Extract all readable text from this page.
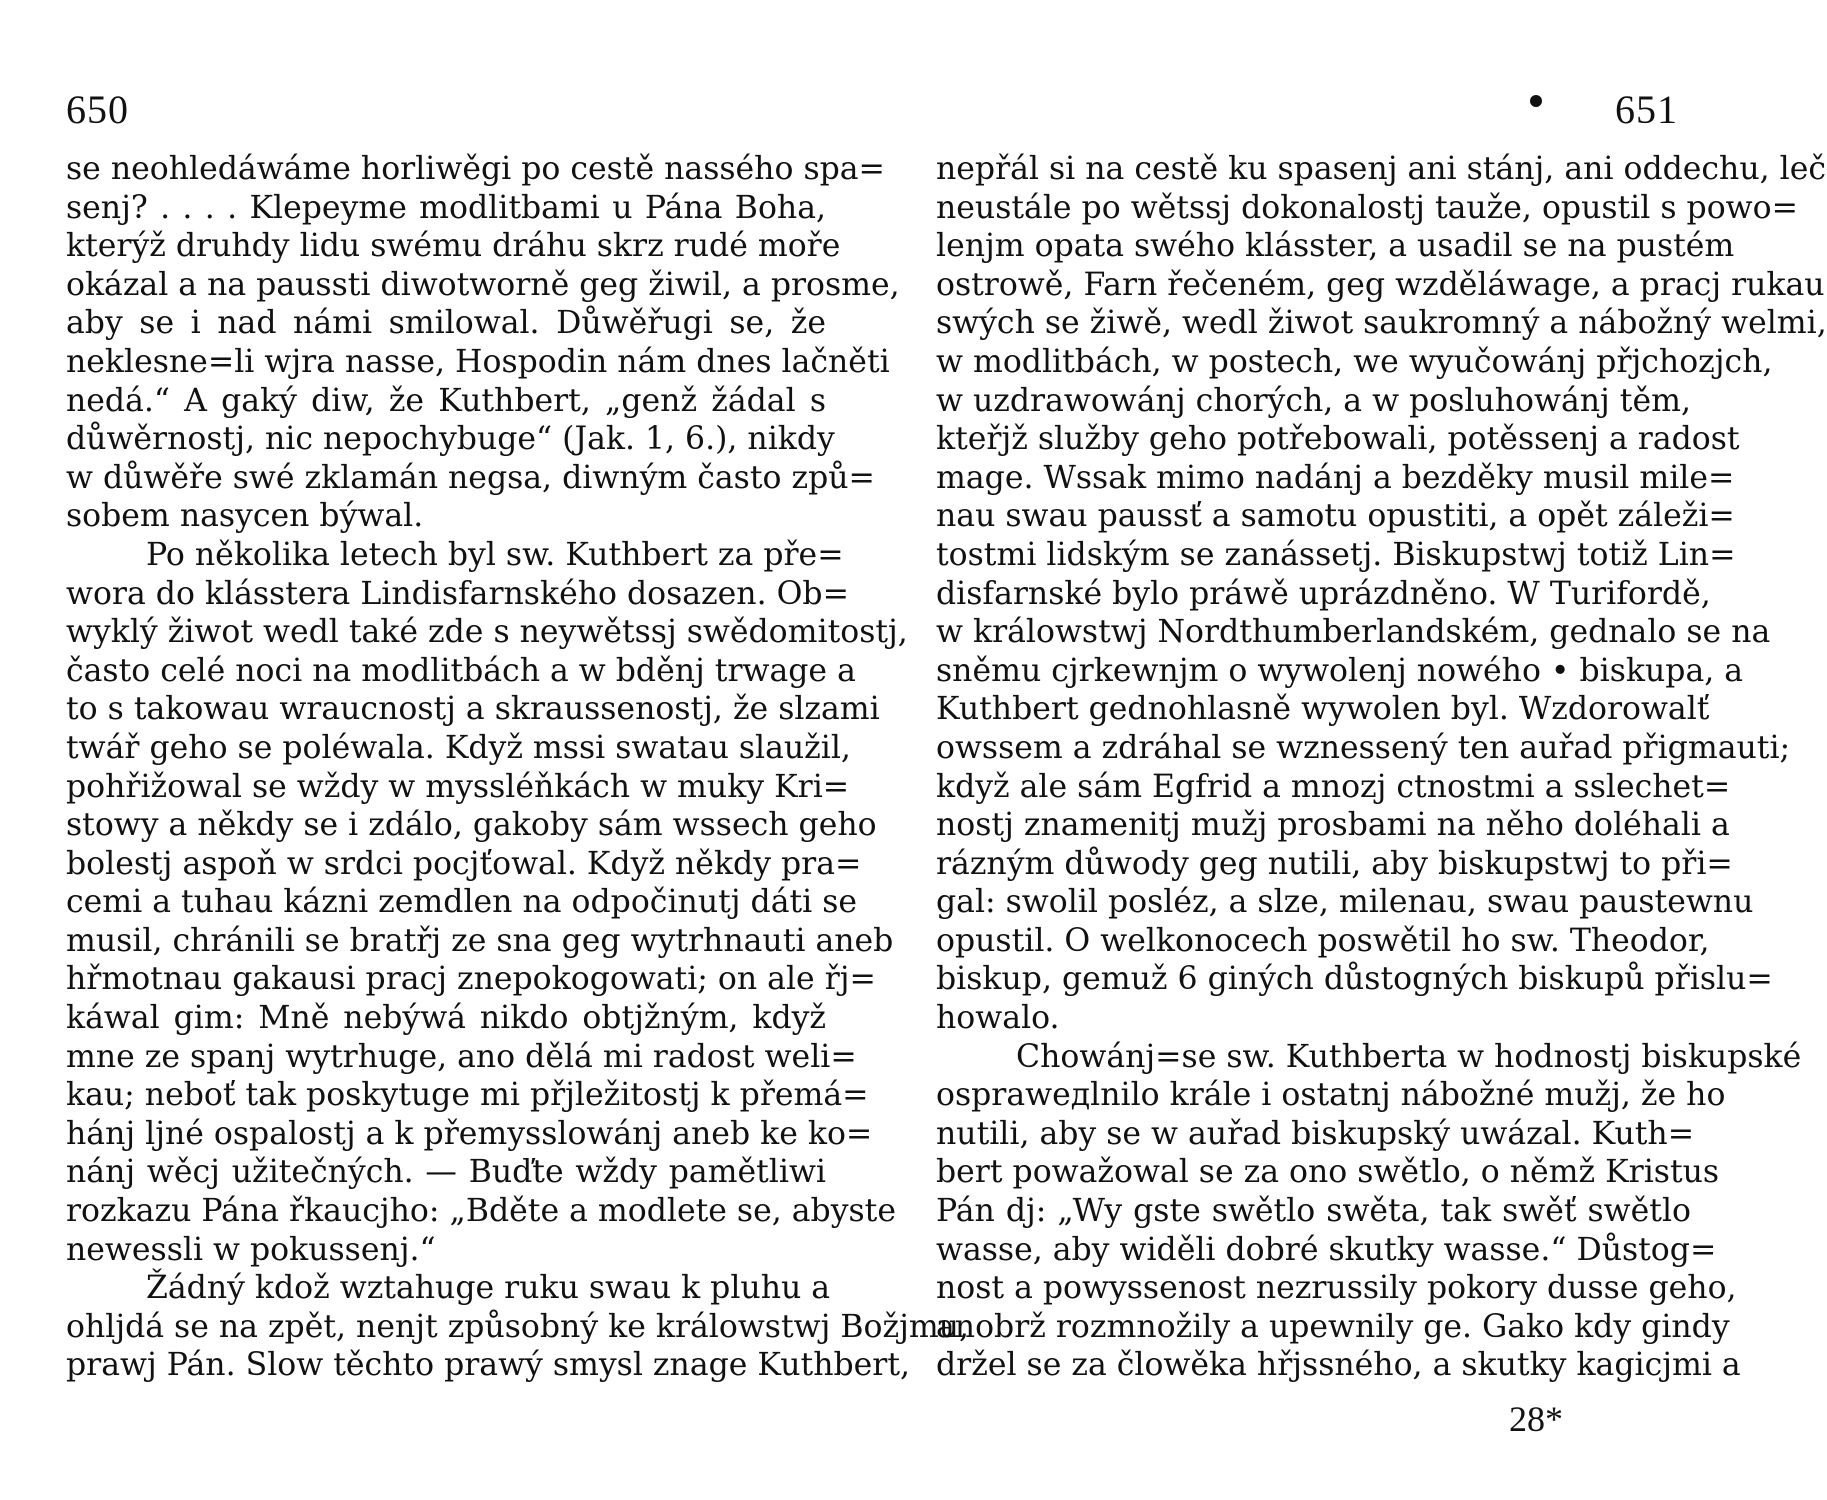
650
se neohledáwáme horliwěgi po cestě nassého spa=
senj? . . . . Klepeyme modlitbami u Pána Boha,
kterýž druhdy lidu swému dráhu skrz rudé moře
okázal a na paussti diwotworně geg žiwil, a prosme,
aby se i nad námi smilowal. Důwěřugi se, že
neklesne=li wjra nasse, Hospodin nám dnes lačněti
nedá.“ A gaký diw, že Kuthbert, „genž žádal s
důwěrnostj, nic nepochybuge“ (Jak. 1, 6.), nikdy
w důwěře swé zklamán negsa, diwným často způ=
sobem nasycen býwal.
Po několika letech byl sw. Kuthbert za pře=
wora do klásstera Lindisfarnského dosazen. Ob=
wyklý žiwot wedl také zde s neywětssj swědomitostj,
často celé noci na modlitbách a w bděnj trwage a
to s takowau wraucnostj a skraussenostj, že slzami
twář geho se poléwala. Když mssi swatau slaužil,
pohřižowal se wždy w myssléňkách w muky Kri=
stowy a někdy se i zdálo, gakoby sám wssech geho
bolestj aspoň w srdci pocjťowal. Když někdy pra=
cemi a tuhau kázni zemdlen na odpočinutj dáti se
musil, chránili se bratřj ze sna geg wytrhnauti aneb
hřmotnau gakausi pracj znepokogowati; on ale řj=
káwal gim: Mně nebýwá nikdo obtjžným, když
mne ze spanj wytrhuge, ano dělá mi radost weli=
kau; neboť tak poskytuge mi přjležitostj k přemá=
hánj ljné ospalostj a k přemysslowánj aneb ke ko=
nánj wěcj užitečných. — Buďte wždy pamětliwi
rozkazu Pána řkaucjho: „Bděte a modlete se, abyste
newessli w pokussenj.“
Žádný kdož wztahuge ruku swau k pluhu a
ohljdá se na zpět, nenjt způsobný ke králowstwj Božjmu,
prawj Pán. Slow těchto prawý smysl znage Kuthbert,
651
nepřál si na cestě ku spasenj ani stánj, ani oddechu, leč
neustále po wětssj dokonalostj tauže, opustil s powo=
lenjm opata swého klásster, a usadil se na pustém
ostrowě, Farn řečeném, geg wzděláwage, a pracj rukau
swých se žiwě, wedl žiwot saukromný a nábožný welmi,
w modlitbách, w postech, we wyučowánj přjchozjch,
w uzdrawowánj chorých, a w posluhowánj těm,
kteřjž služby geho potřebowali, potěssenj a radost
mage. Wssak mimo nadánj a bezděky musil mile=
nau swau paussť a samotu opustiti, a opět záleži=
tostmi lidským se zanássetj. Biskupstwj totiž Lin=
disfarnské bylo práwě uprázdněno. W Turifordě,
w králowstwj Nordthumberlandském, gednalo se na
sněmu cjrkewnjm o wywolenj nowého • biskupa, a
Kuthbert gednohlasně wywolen byl. Wzdorowalť
owssem a zdráhal se wznessený ten auřad přigmauti;
když ale sám Egfrid a mnozj ctnostmi a sslechet=
nostj znamenitj mužj prosbami na něho doléhali a
rázným důwody geg nutili, aby biskupstwj to při=
gal: swolil posléz, a slze, milenau, swau paustewnu
opustil. O welkonocech poswětil ho sw. Theodor,
biskup, gemuž 6 giných důstogných biskupů přislu=
howalo.
Chowánj=se sw. Kuthberta w hodnostj biskupské
ospraweдlnilo krále i ostatnj nábožné mužj, že ho
nutili, aby se w auřad biskupský uwázal. Kuth=
bert powažowal se za ono swětlo, o němž Kristus
Pán dj: „Wy gste swětlo swěta, tak swěť swětlo
wasse, aby widěli dobré skutky wasse.“ Důstog=
nost a powyssenost nezrussily pokory dusse geho,
anobrž rozmnožily a upewnily ge. Gako kdy gindy
držel se za člowěka hřjssného, a skutky kagicjmi a
28*
